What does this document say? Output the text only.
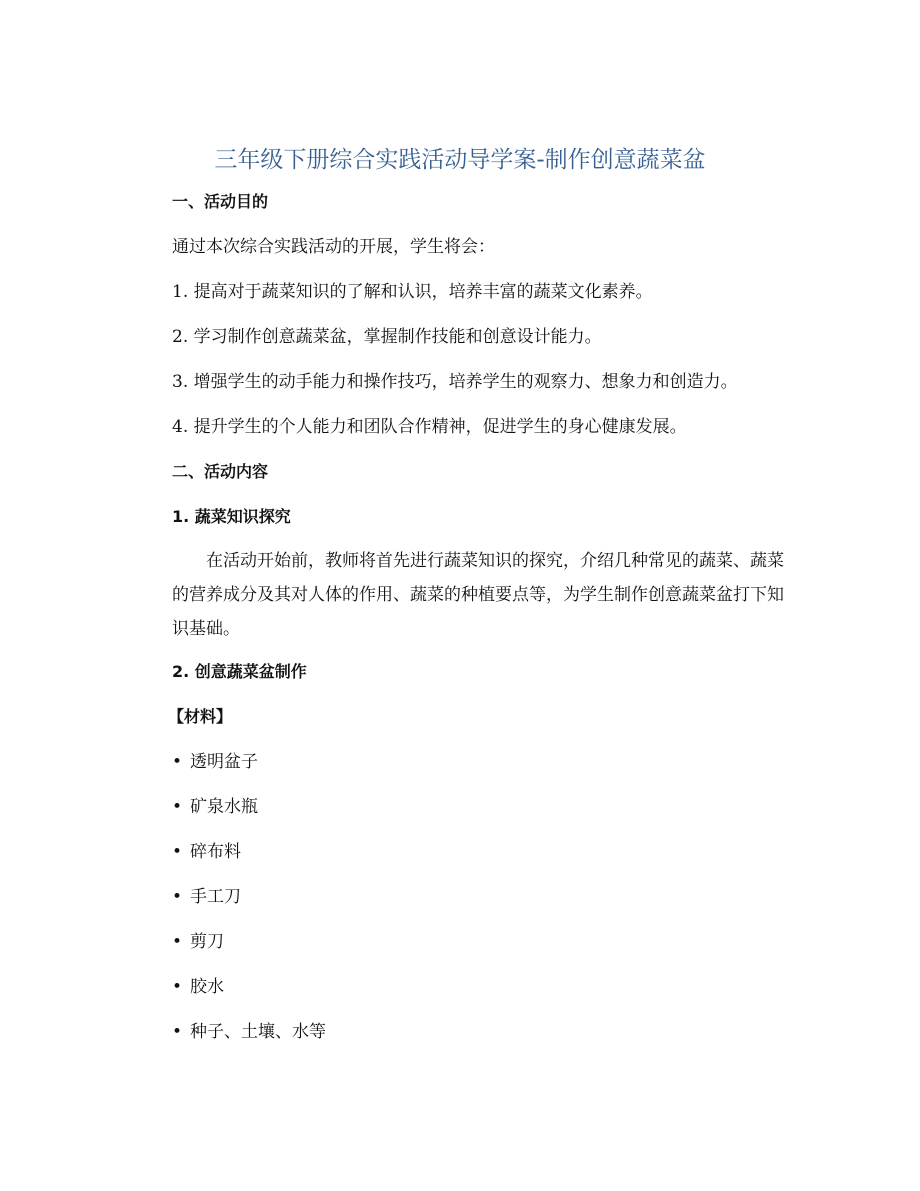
三年级下册综合实践活动导学案-制作创意蔬菜盆
一、活动目的
通过本次综合实践活动的开展，学生将会：
1. 提高对于蔬菜知识的了解和认识，培养丰富的蔬菜文化素养。
2. 学习制作创意蔬菜盆，掌握制作技能和创意设计能力。
3. 增强学生的动手能力和操作技巧，培养学生的观察力、想象力和创造力。
4. 提升学生的个人能力和团队合作精神，促进学生的身心健康发展。
二、活动内容
1. 蔬菜知识探究
在活动开始前，教师将首先进行蔬菜知识的探究，介绍几种常见的蔬菜、蔬菜的营养成分及其对人体的作用、蔬菜的种植要点等，为学生制作创意蔬菜盆打下知识基础。
2. 创意蔬菜盆制作
【材料】
• 透明盆子
• 矿泉水瓶
• 碎布料
• 手工刀
• 剪刀
• 胶水
• 种子、土壤、水等
